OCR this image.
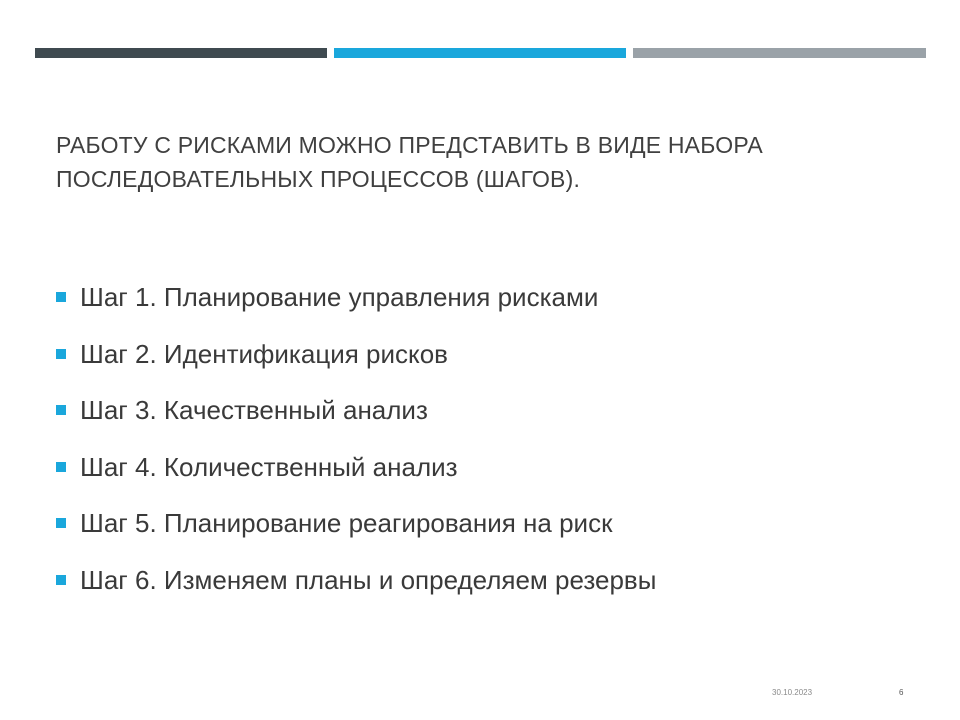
РАБОТУ С РИСКАМИ МОЖНО ПРЕДСТАВИТЬ В ВИДЕ НАБОРА
ПОСЛЕДОВАТЕЛЬНЫХ ПРОЦЕССОВ (ШАГОВ).
Шаг 1. Планирование управления рисками
Шаг 2. Идентификация рисков
Шаг 3. Качественный анализ
Шаг 4. Количественный анализ
Шаг 5. Планирование реагирования на риск
Шаг 6. Изменяем планы и определяем резервы
30.10.2023	6
